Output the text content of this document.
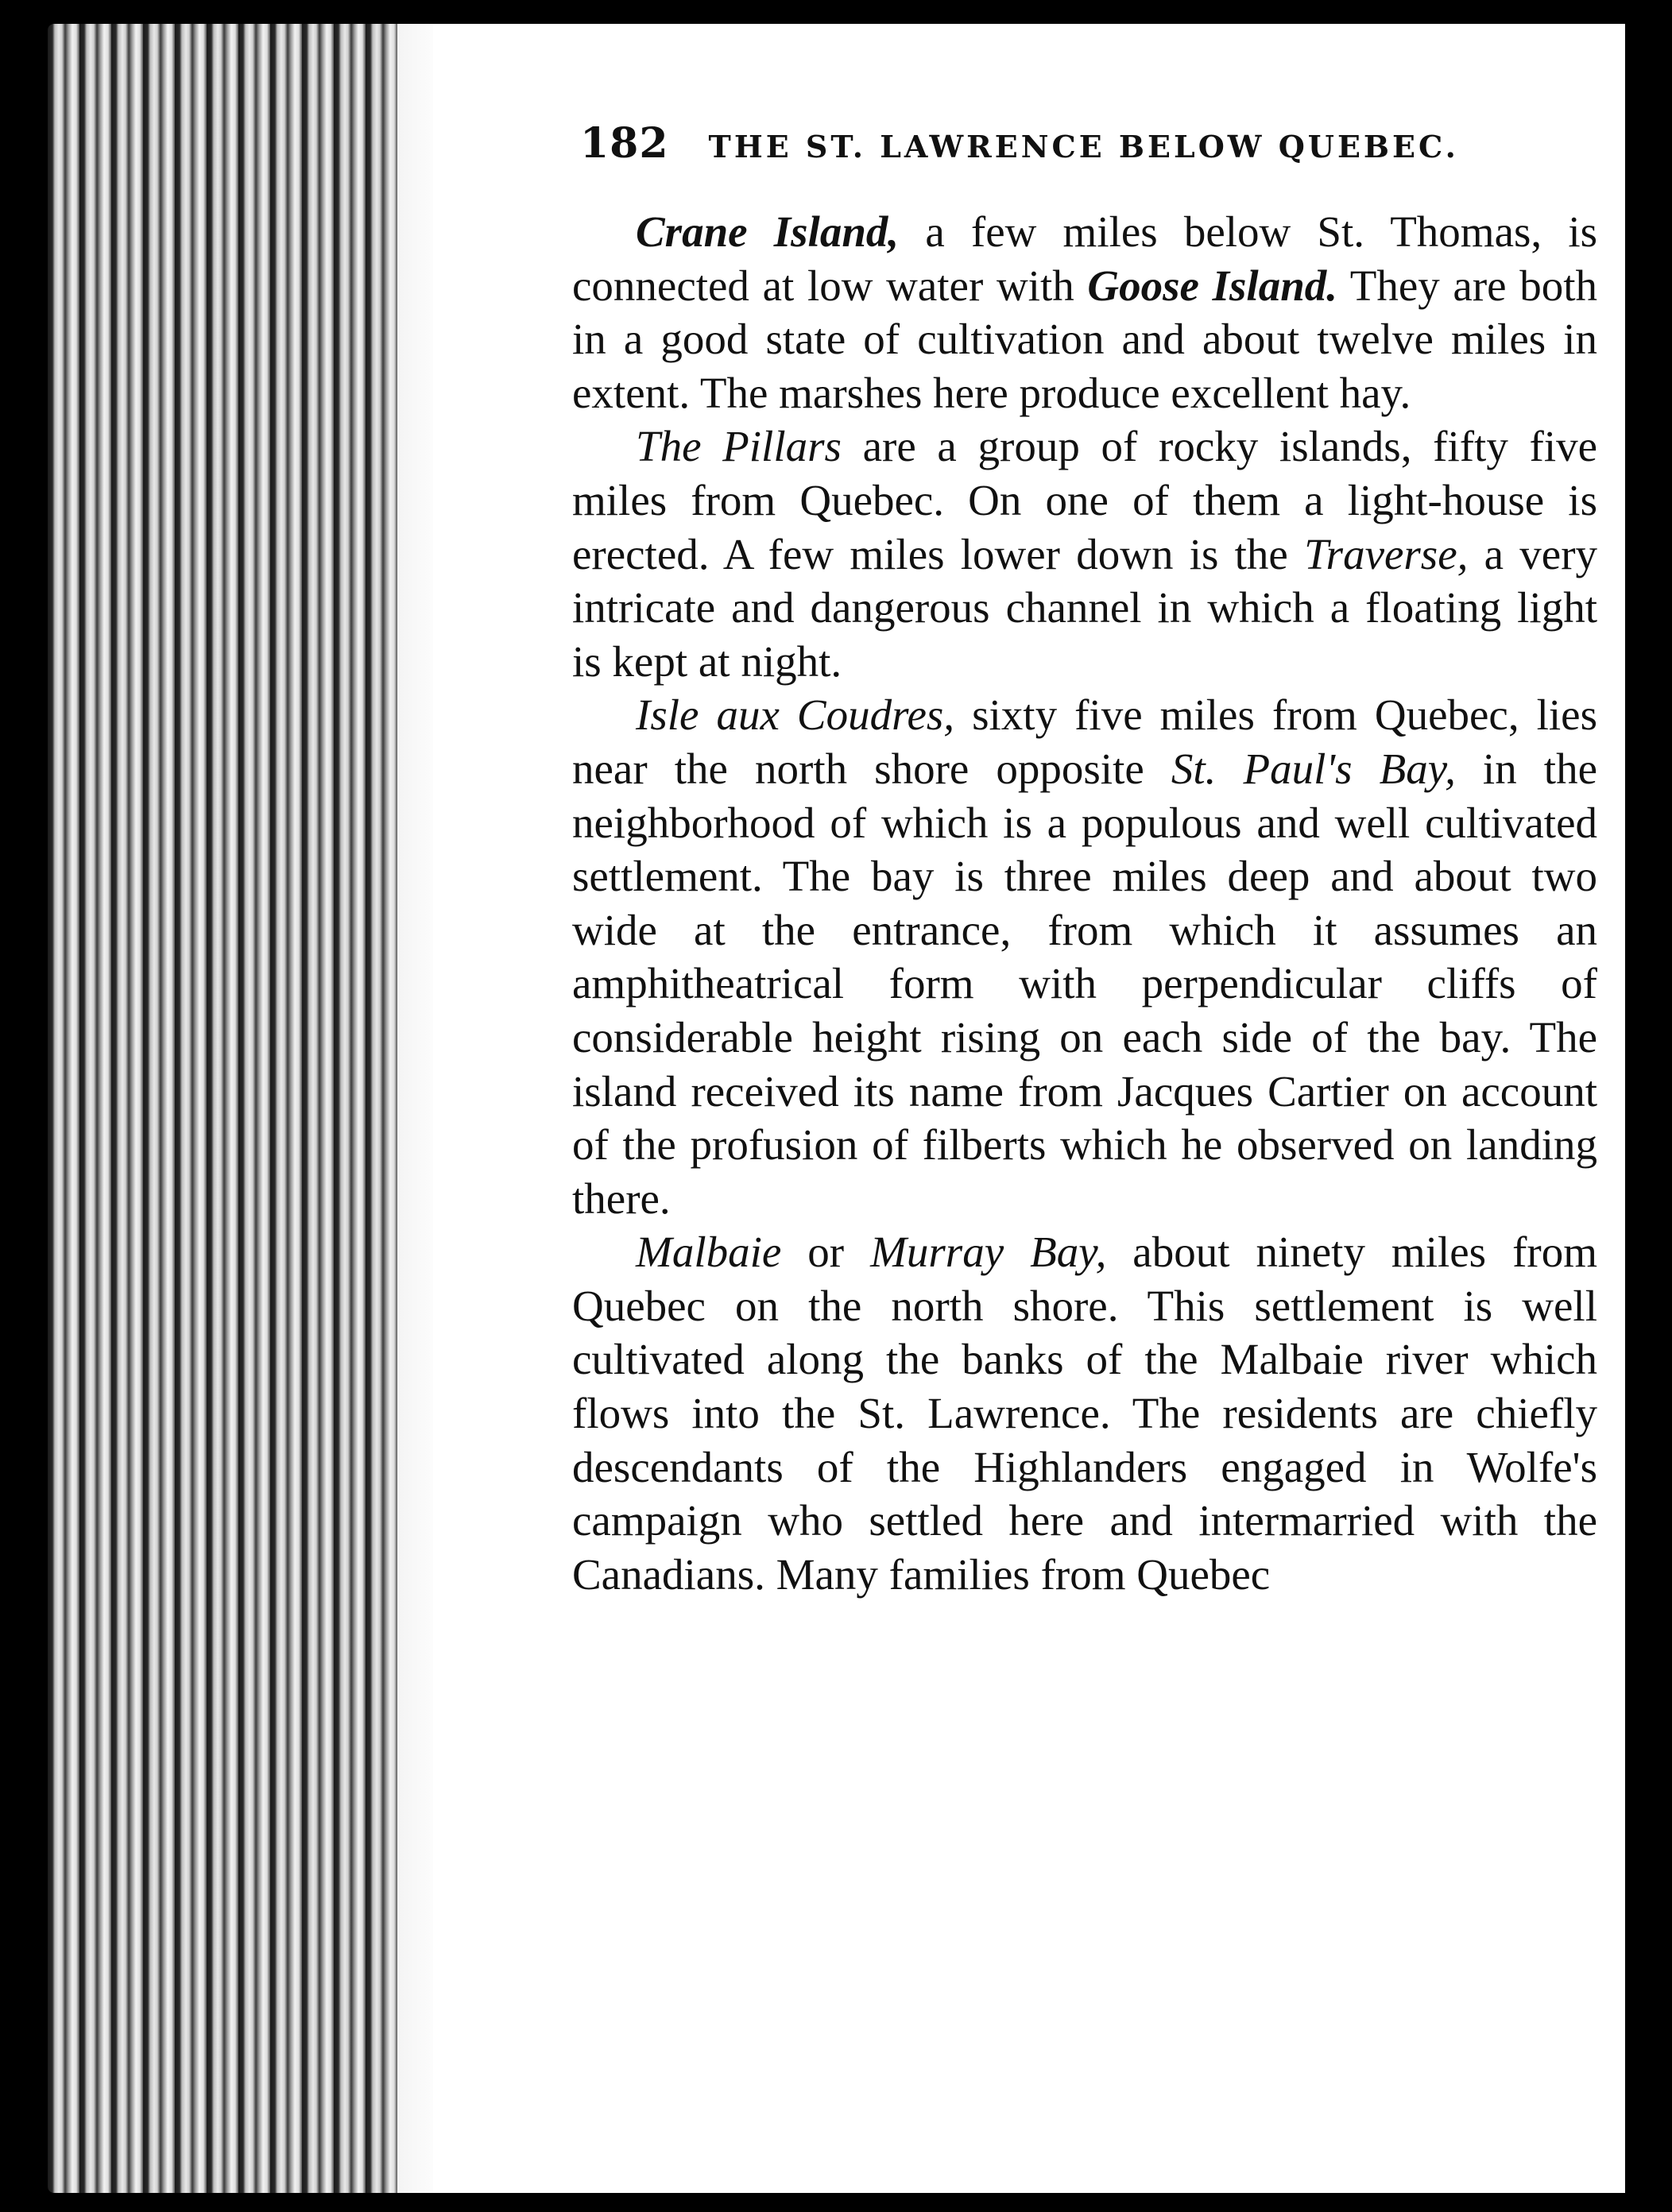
182 THE ST. LAWRENCE BELOW QUEBEC.

Crane Island, a few miles below St. Thomas, is connected at low water with Goose Island. They are both in a good state of cultivation and about twelve miles in extent. The marshes here produce excellent hay.

The Pillars are a group of rocky islands, fifty five miles from Quebec. On one of them a light-house is erected. A few miles lower down is the Traverse, a very intricate and dangerous channel in which a floating light is kept at night.

Isle aux Coudres, sixty five miles from Quebec, lies near the north shore opposite St. Paul's Bay, in the neighborhood of which is a populous and well cultivated settlement. The bay is three miles deep and about two wide at the entrance, from which it assumes an amphitheatrical form with perpendicular cliffs of considerable height rising on each side of the bay. The island received its name from Jacques Cartier on account of the profusion of filberts which he observed on landing there.

Malbaie or Murray Bay, about ninety miles from Quebec on the north shore. This settlement is well cultivated along the banks of the Malbaie river which flows into the St. Lawrence. The residents are chiefly descendants of the Highlanders engaged in Wolfe's campaign who settled here and intermarried with the Canadians. Many families from Quebec
